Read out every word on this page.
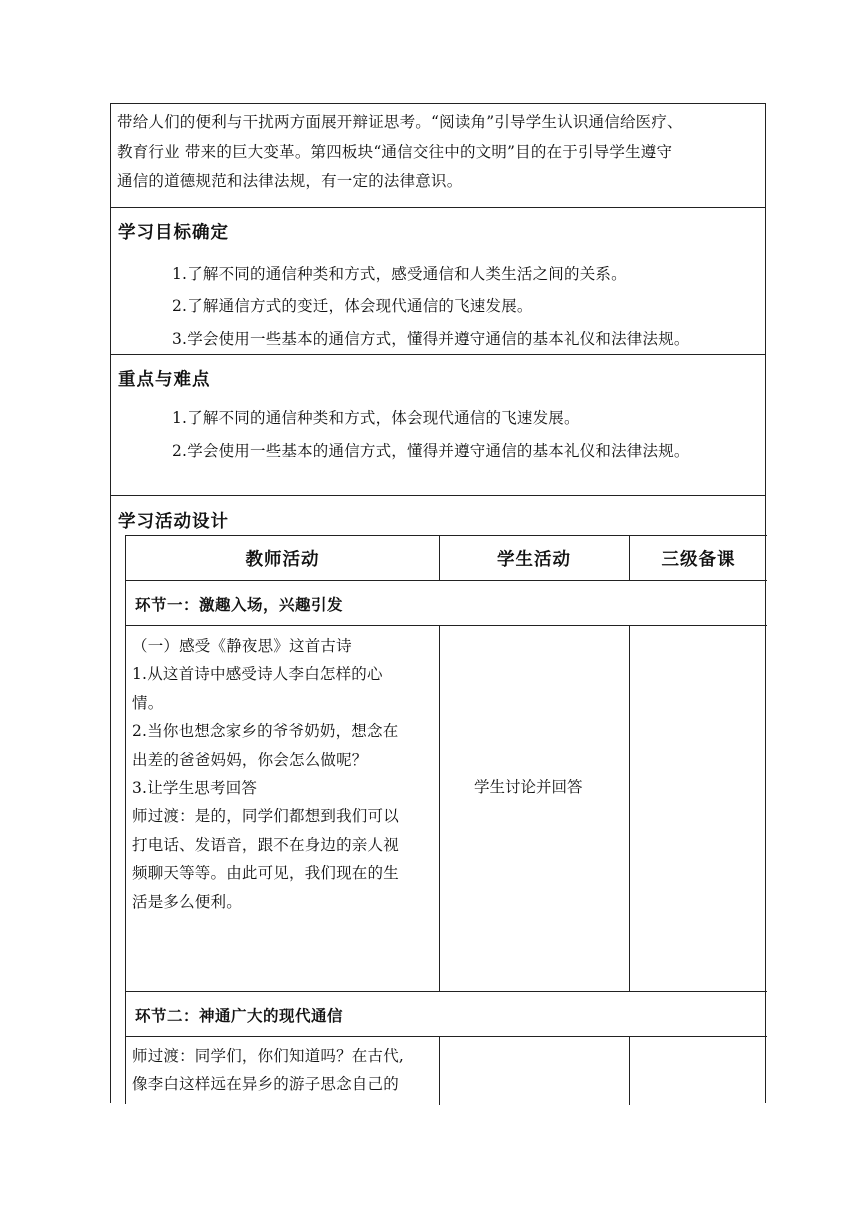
带给人们的便利与干扰两方面展开辩证思考。“阅读角”引导学生认识通信给医疗、

教育行业 带来的巨大变革。第四板块“通信交往中的文明”目的在于引导学生遵守

通信的道德规范和法律法规，有一定的法律意识。

学习目标确定
1.了解不同的通信种类和方式，感受通信和人类生活之间的关系。
2.了解通信方式的变迁，体会现代通信的飞速发展。
3.学会使用一些基本的通信方式，懂得并遵守通信的基本礼仪和法律法规。
重点与难点
1.了解不同的通信种类和方式，体会现代通信的飞速发展。
2.学会使用一些基本的通信方式，懂得并遵守通信的基本礼仪和法律法规。
学习活动设计
教师活动	学生活动	三级备课
环节一：激趣入场，兴趣引发
（一）感受《静夜思》这首古诗
1.从这首诗中感受诗人李白怎样的心
情。
2.当你也想念家乡的爷爷奶奶，想念在
出差的爸爸妈妈，你会怎么做呢？
3.让学生思考回答
师过渡：是的，同学们都想到我们可以
打电话、发语音，跟不在身边的亲人视
频聊天等等。由此可见，我们现在的生
活是多么便利。
学生讨论并回答
环节二：神通广大的现代通信
师过渡：同学们，你们知道吗？在古代,
像李白这样远在异乡的游子思念自己的
